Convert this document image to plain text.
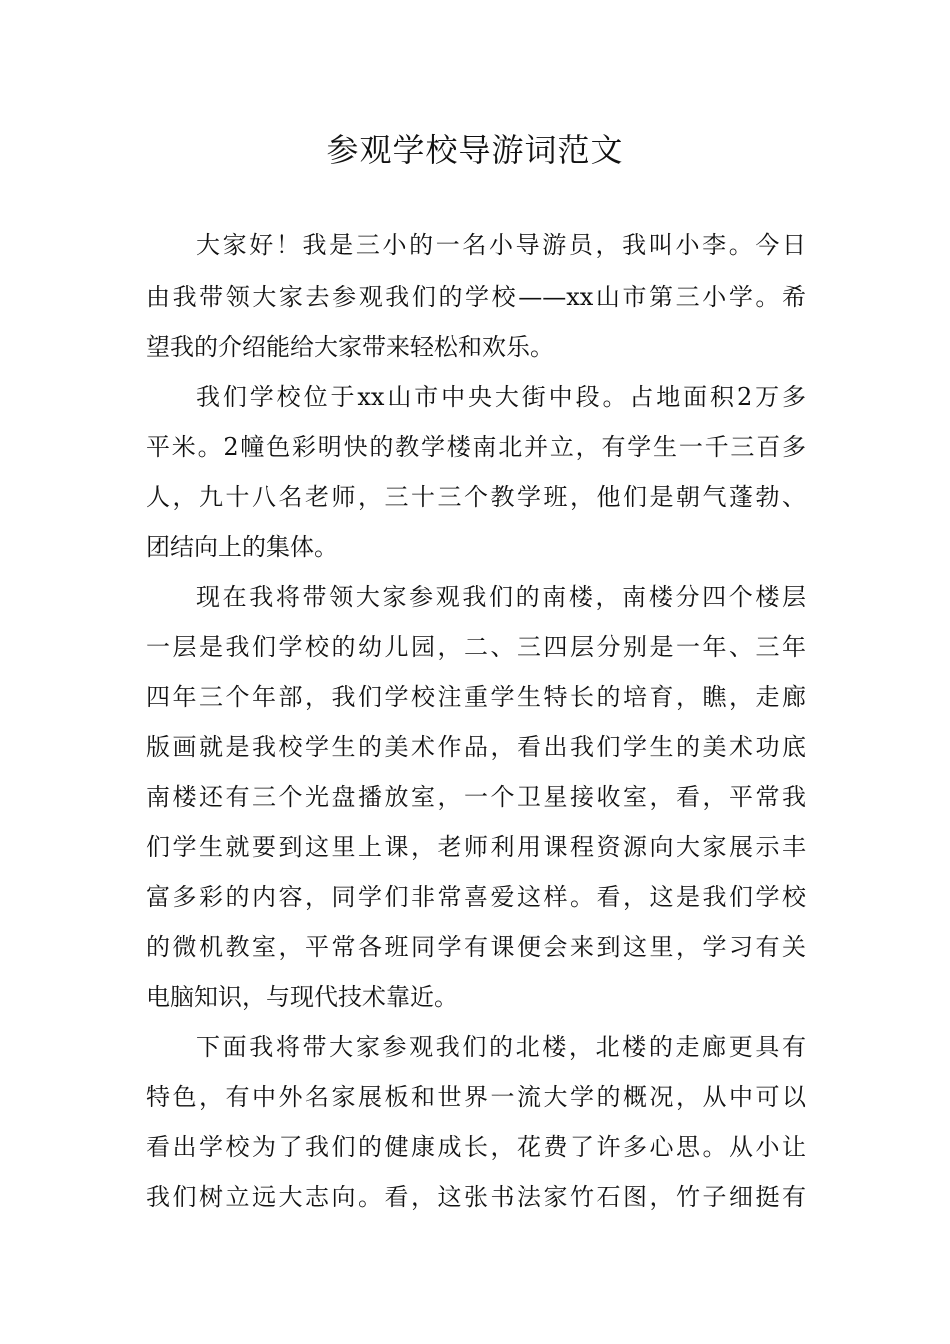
参观学校导游词范文
大家好！我是三小的一名小导游员，我叫小李。今日
由我带领大家去参观我们的学校——xx山市第三小学。希
望我的介绍能给大家带来轻松和欢乐。
我们学校位于xx山市中央大街中段。占地面积2万多
平米。2幢色彩明快的教学楼南北并立，有学生一千三百多
人，九十八名老师，三十三个教学班，他们是朝气蓬勃、
团结向上的集体。
现在我将带领大家参观我们的南楼，南楼分四个楼层
一层是我们学校的幼儿园，二、三四层分别是一年、三年
四年三个年部，我们学校注重学生特长的培育，瞧，走廊
版画就是我校学生的美术作品，看出我们学生的美术功底
南楼还有三个光盘播放室，一个卫星接收室，看，平常我
们学生就要到这里上课，老师利用课程资源向大家展示丰
富多彩的内容，同学们非常喜爱这样。看，这是我们学校
的微机教室，平常各班同学有课便会来到这里，学习有关
电脑知识，与现代技术靠近。
下面我将带大家参观我们的北楼，北楼的走廊更具有
特色，有中外名家展板和世界一流大学的概况，从中可以
看出学校为了我们的健康成长，花费了许多心思。从小让
我们树立远大志向。看，这张书法家竹石图，竹子细挺有
